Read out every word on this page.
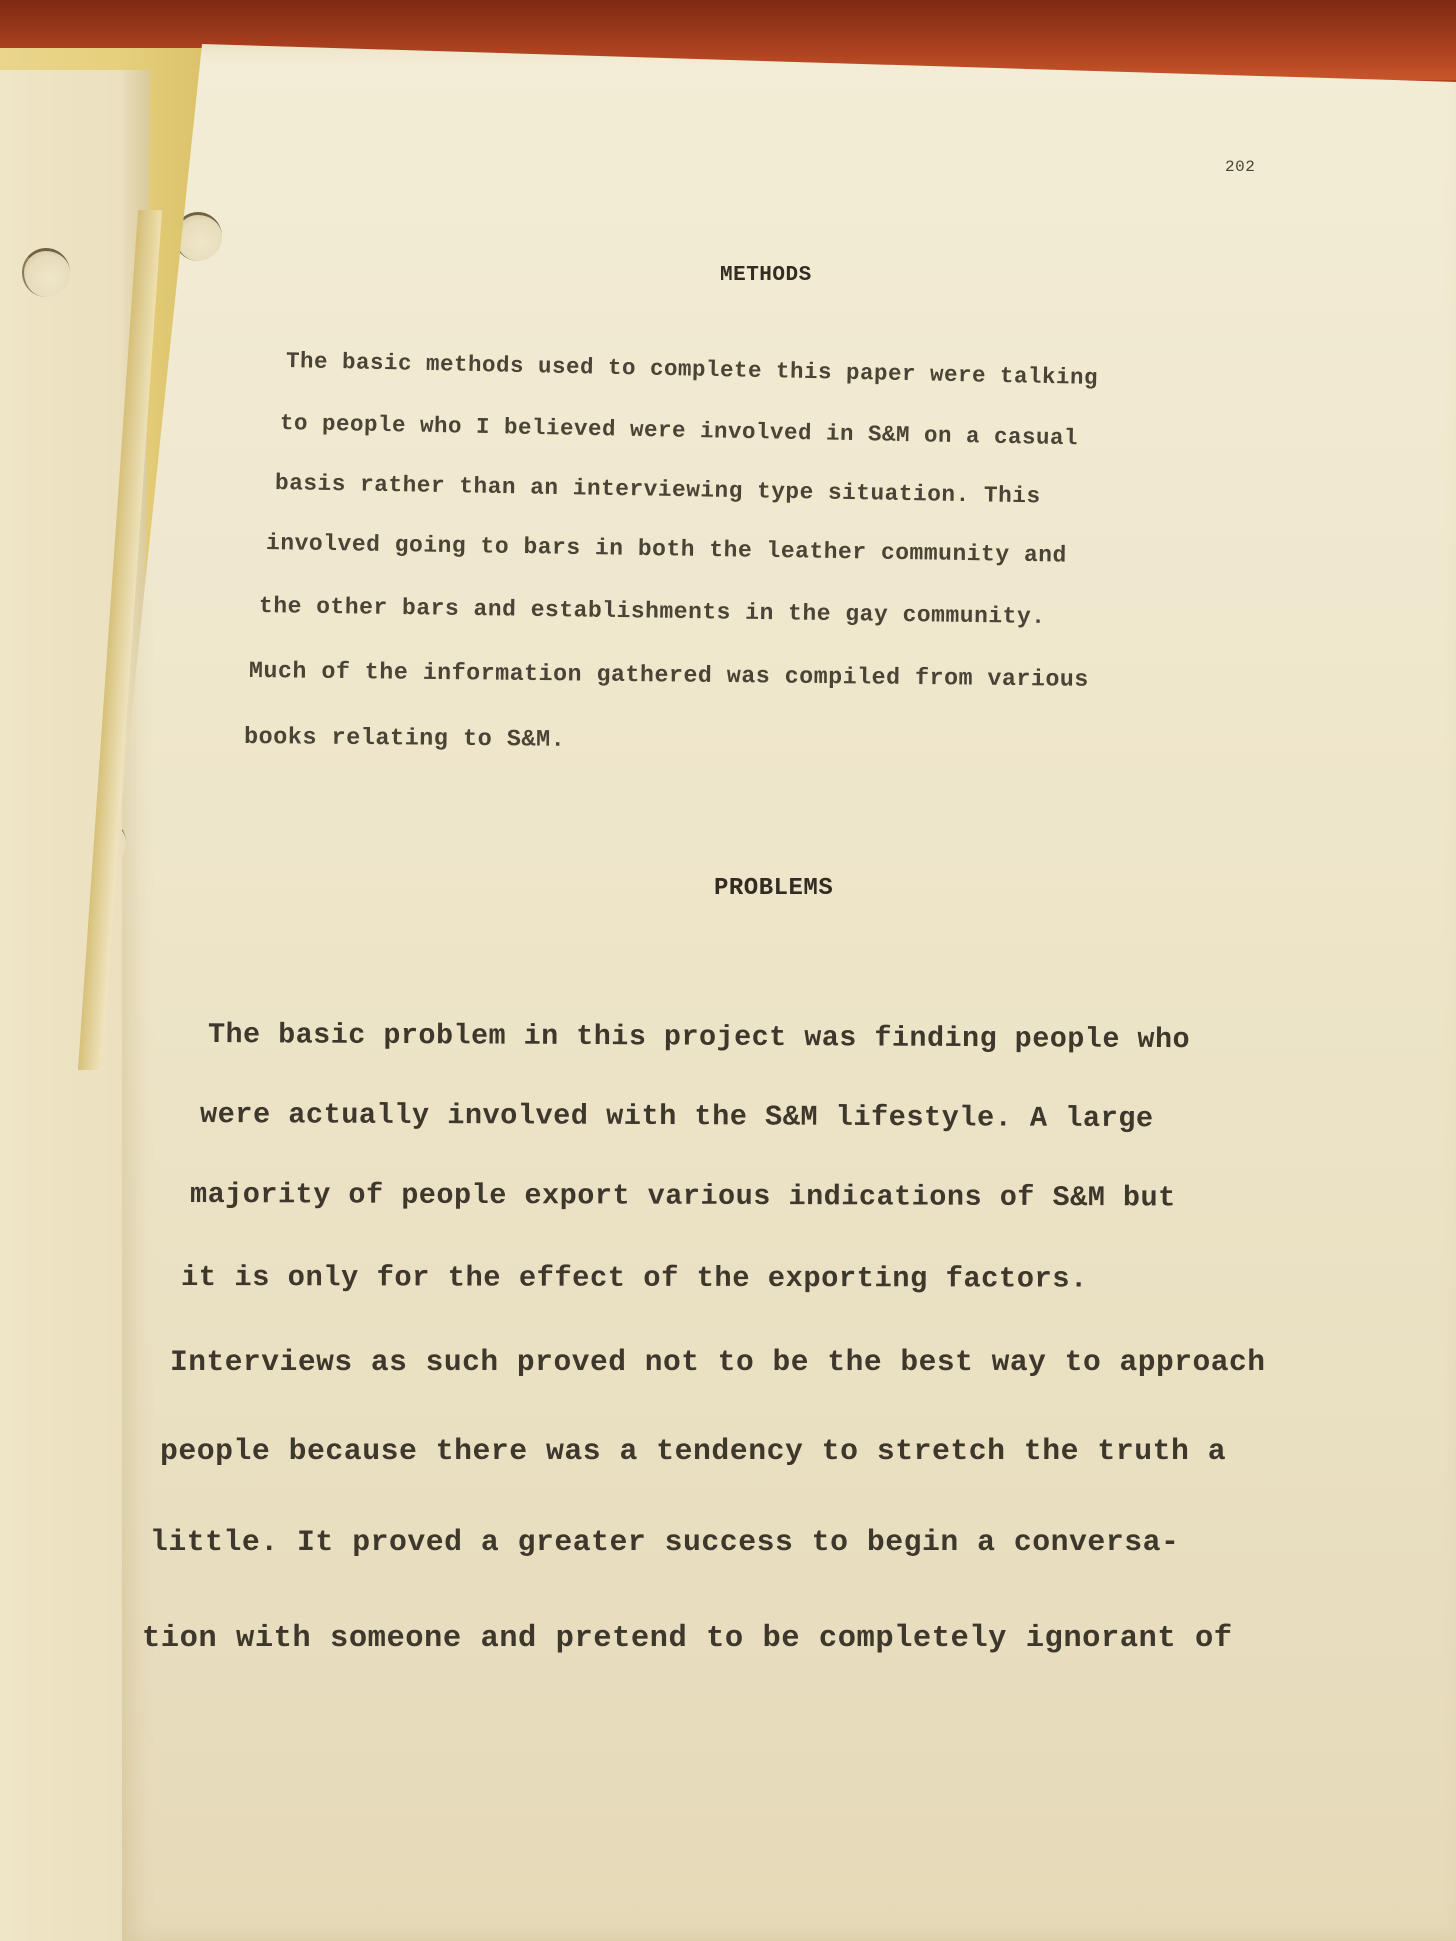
202
METHODS
The basic methods used to complete this paper were talking
to people who I believed were involved in S&M on a casual
basis rather than an interviewing type situation. This
involved going to bars in both the leather community and
the other bars and establishments in the gay community.
Much of the information gathered was compiled from various
books relating to S&M.
PROBLEMS
The basic problem in this project was finding people who
were actually involved with the S&M lifestyle. A large
majority of people export various indications of S&M but
it is only for the effect of the exporting factors.
Interviews as such proved not to be the best way to approach
people because there was a tendency to stretch the truth a
little. It proved a greater success to begin a conversa-
tion with someone and pretend to be completely ignorant of
